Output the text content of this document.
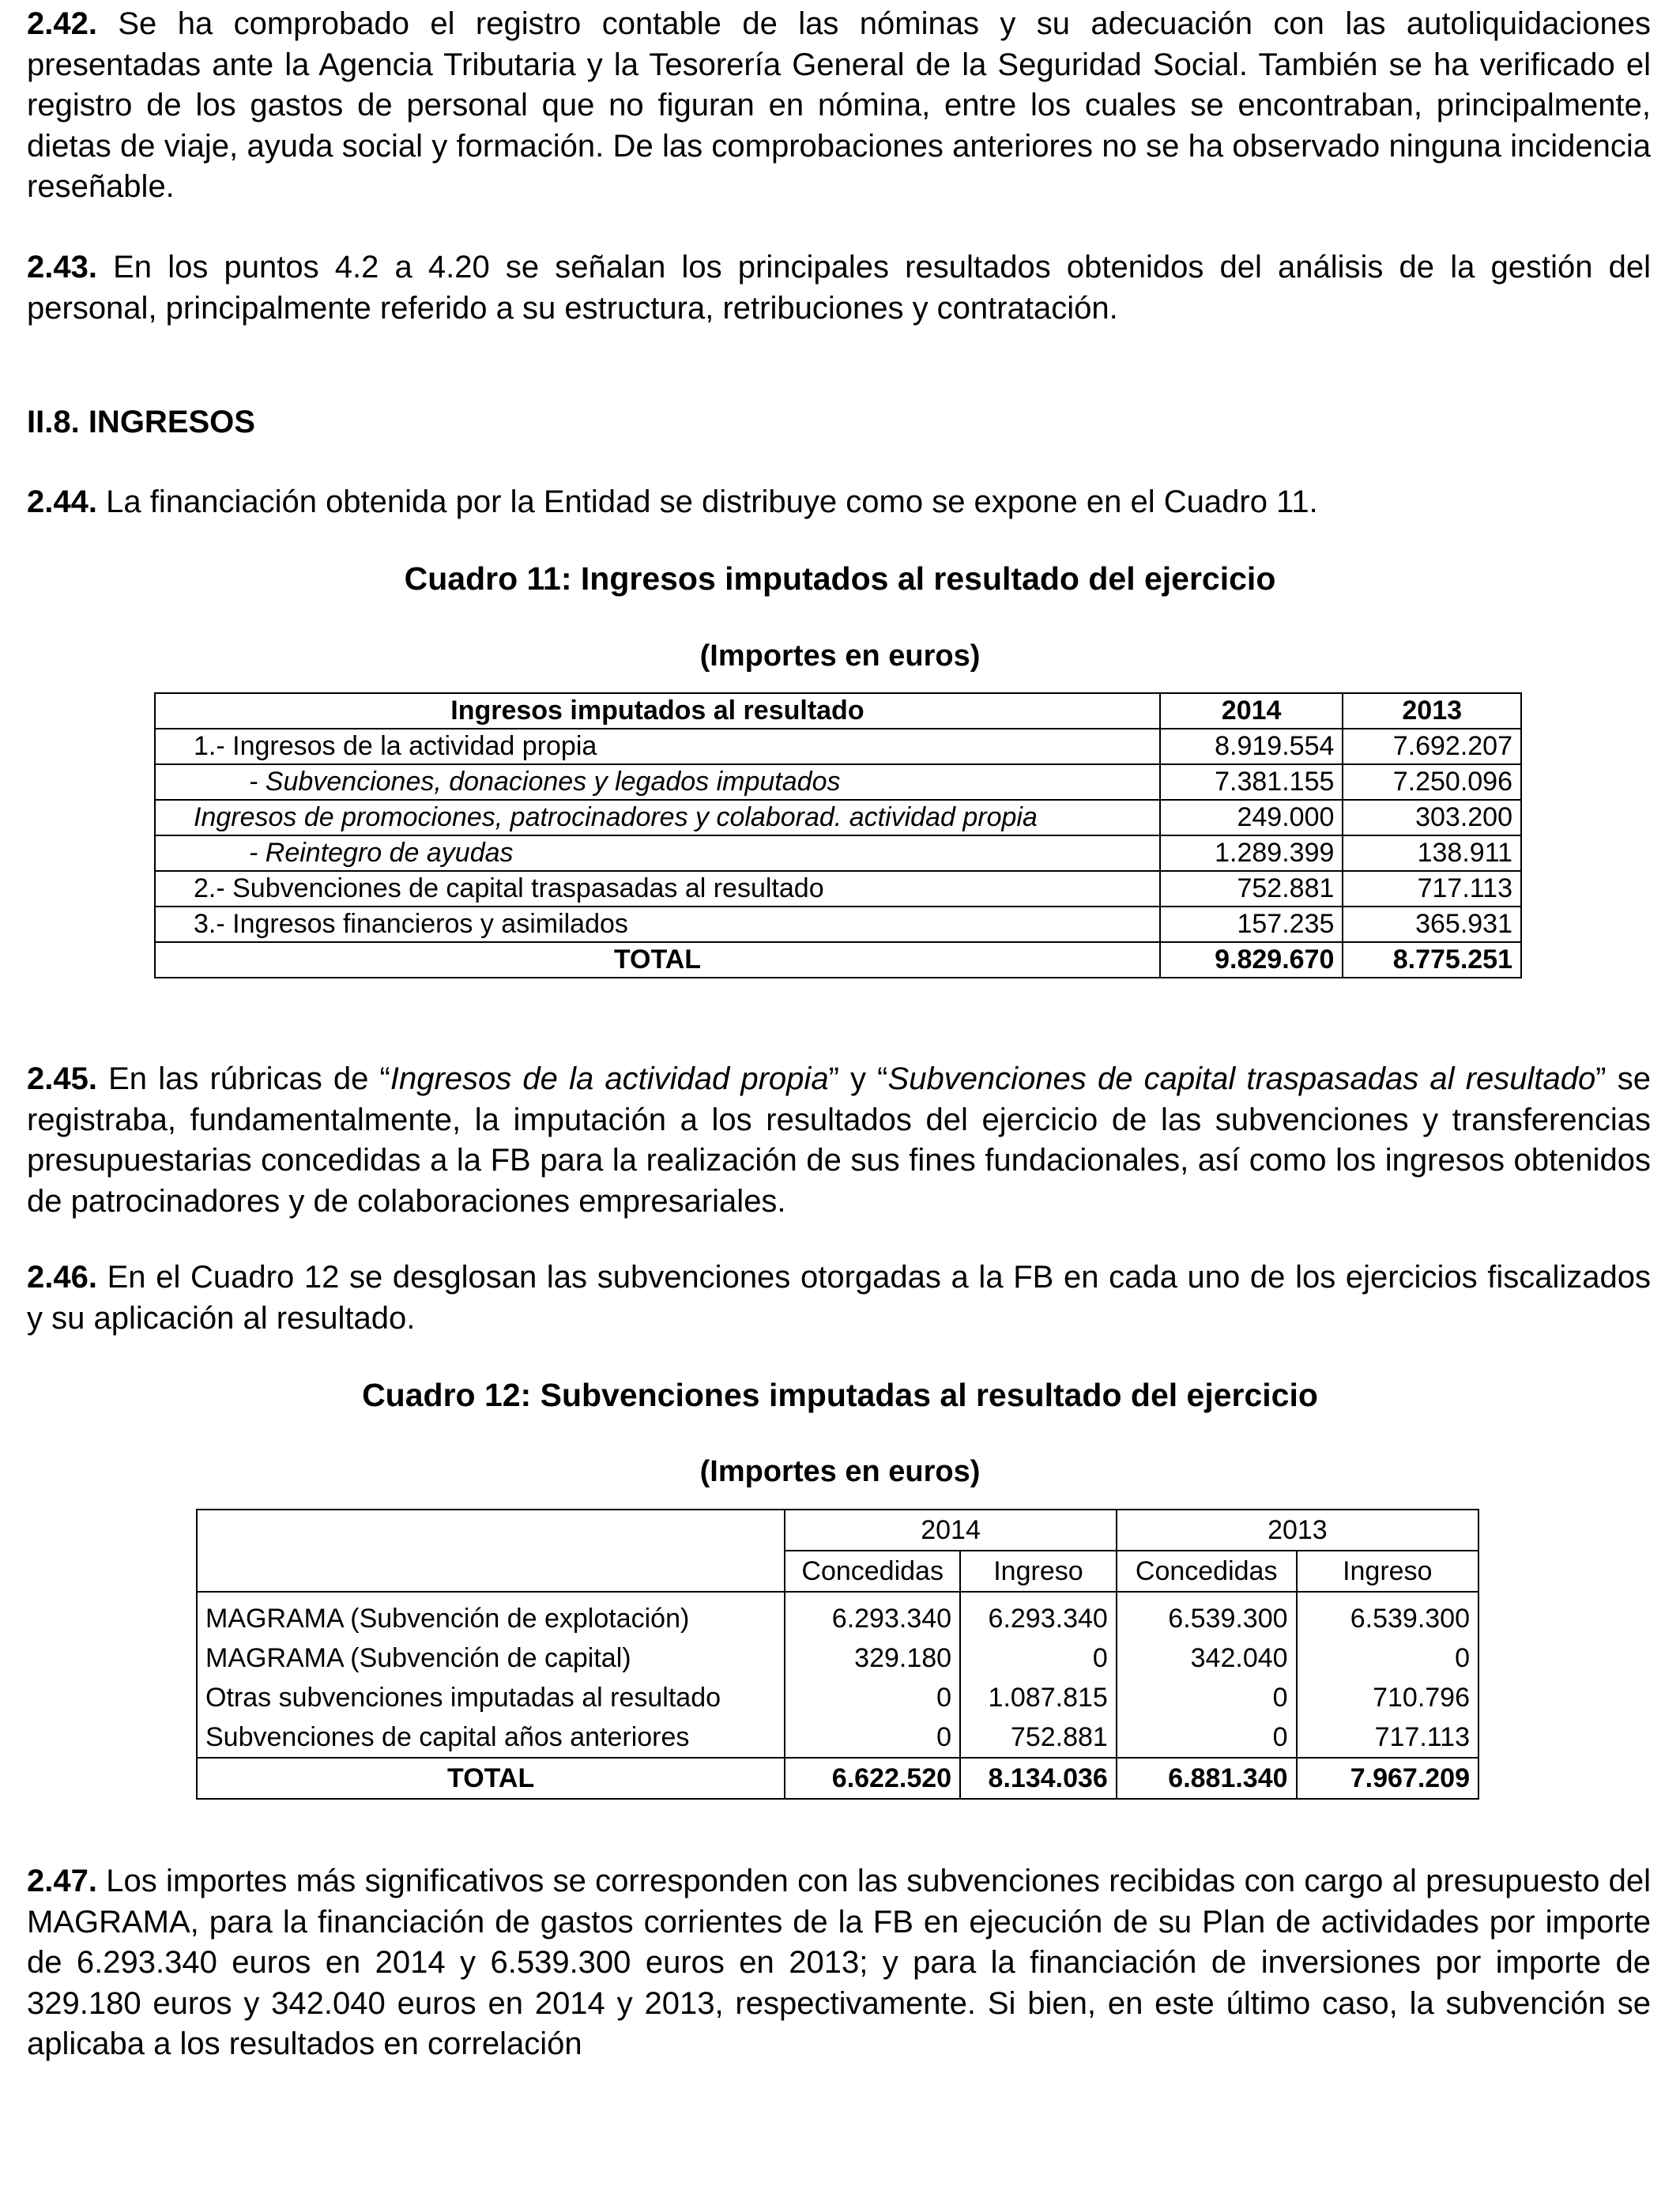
2.42. Se ha comprobado el registro contable de las nóminas y su adecuación con las autoliquidaciones presentadas ante la Agencia Tributaria y la Tesorería General de la Seguridad Social. También se ha verificado el registro de los gastos de personal que no figuran en nómina, entre los cuales se encontraban, principalmente, dietas de viaje, ayuda social y formación. De las comprobaciones anteriores no se ha observado ninguna incidencia reseñable.

2.43. En los puntos 4.2 a 4.20 se señalan los principales resultados obtenidos del análisis de la gestión del personal, principalmente referido a su estructura, retribuciones y contratación.

II.8. INGRESOS

2.44. La financiación obtenida por la Entidad se distribuye como se expone en el Cuadro 11.

Cuadro 11: Ingresos imputados al resultado del ejercicio

(Importes en euros)

Ingresos imputados al resultado	2014	2013
1.- Ingresos de la actividad propia	8.919.554	7.692.207
- Subvenciones, donaciones y legados imputados	7.381.155	7.250.096
Ingresos de promociones, patrocinadores y colaborad. actividad propia	249.000	303.200
- Reintegro de ayudas	1.289.399	138.911
2.- Subvenciones de capital traspasadas al resultado	752.881	717.113
3.- Ingresos financieros y asimilados	157.235	365.931
TOTAL	9.829.670	8.775.251

2.45. En las rúbricas de “Ingresos de la actividad propia” y “Subvenciones de capital traspasadas al resultado” se registraba, fundamentalmente, la imputación a los resultados del ejercicio de las subvenciones y transferencias presupuestarias concedidas a la FB para la realización de sus fines fundacionales, así como los ingresos obtenidos de patrocinadores y de colaboraciones empresariales.

2.46. En el Cuadro 12 se desglosan las subvenciones otorgadas a la FB en cada uno de los ejercicios fiscalizados y su aplicación al resultado.

Cuadro 12: Subvenciones imputadas al resultado del ejercicio

(Importes en euros)

	2014		2013	
	Concedidas	Ingreso	Concedidas	Ingreso
MAGRAMA (Subvención de explotación)	6.293.340	6.293.340	6.539.300	6.539.300
MAGRAMA (Subvención de capital)	329.180	0	342.040	0
Otras subvenciones imputadas al resultado	0	1.087.815	0	710.796
Subvenciones de capital años anteriores	0	752.881	0	717.113
TOTAL	6.622.520	8.134.036	6.881.340	7.967.209

2.47. Los importes más significativos se corresponden con las subvenciones recibidas con cargo al presupuesto del MAGRAMA, para la financiación de gastos corrientes de la FB en ejecución de su Plan de actividades por importe de 6.293.340 euros en 2014 y 6.539.300 euros en 2013; y para la financiación de inversiones por importe de 329.180 euros y 342.040 euros en 2014 y 2013, respectivamente. Si bien, en este último caso, la subvención se aplicaba a los resultados en correlación
